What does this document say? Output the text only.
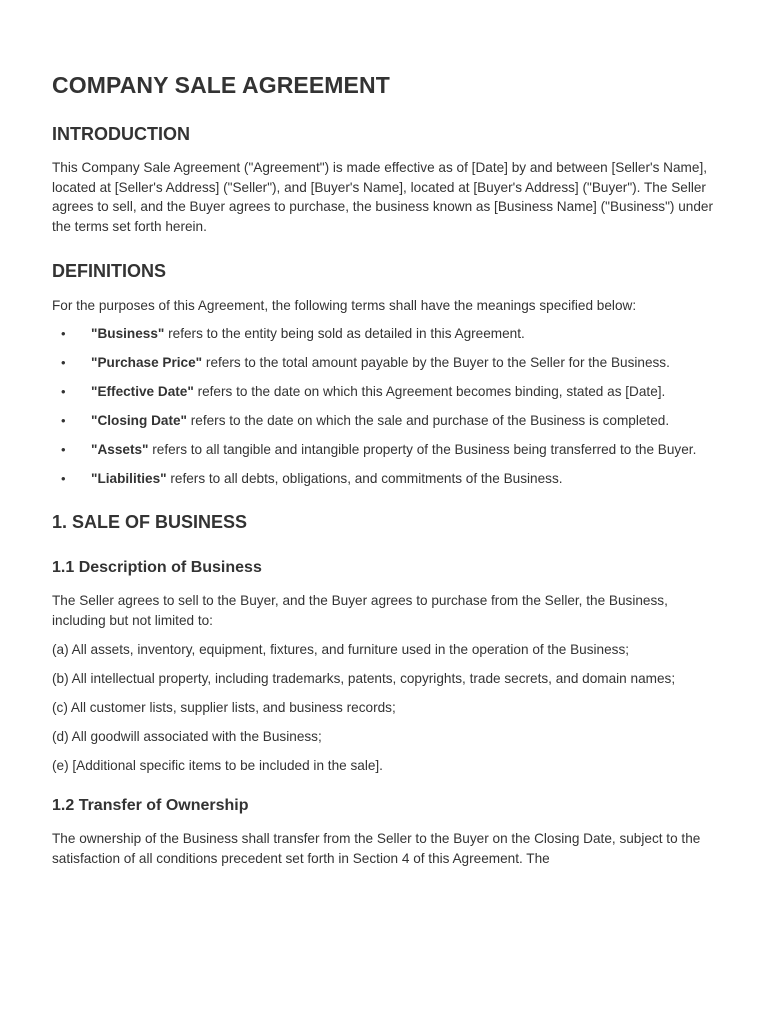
COMPANY SALE AGREEMENT
INTRODUCTION

This Company Sale Agreement ("Agreement") is made effective as of [Date] by and between [Seller's Name], located at [Seller's Address] ("Seller"), and [Buyer's Name], located at [Buyer's Address] ("Buyer"). The Seller agrees to sell, and the Buyer agrees to purchase, the business known as [Business Name] ("Business") under the terms set forth herein.

DEFINITIONS

For the purposes of this Agreement, the following terms shall have the meanings specified below:

• "Business" refers to the entity being sold as detailed in this Agreement.
• "Purchase Price" refers to the total amount payable by the Buyer to the Seller for the Business.
• "Effective Date" refers to the date on which this Agreement becomes binding, stated as [Date].
• "Closing Date" refers to the date on which the sale and purchase of the Business is completed.
• "Assets" refers to all tangible and intangible property of the Business being transferred to the Buyer.
• "Liabilities" refers to all debts, obligations, and commitments of the Business.
1. SALE OF BUSINESS
1.1 Description of Business

The Seller agrees to sell to the Buyer, and the Buyer agrees to purchase from the Seller, the Business, including but not limited to:

(a) All assets, inventory, equipment, fixtures, and furniture used in the operation of the Business;

(b) All intellectual property, including trademarks, patents, copyrights, trade secrets, and domain names;

(c) All customer lists, supplier lists, and business records;

(d) All goodwill associated with the Business;

(e) [Additional specific items to be included in the sale].

1.2 Transfer of Ownership

The ownership of the Business shall transfer from the Seller to the Buyer on the Closing Date, subject to the satisfaction of all conditions precedent set forth in Section 4 of this Agreement. The
